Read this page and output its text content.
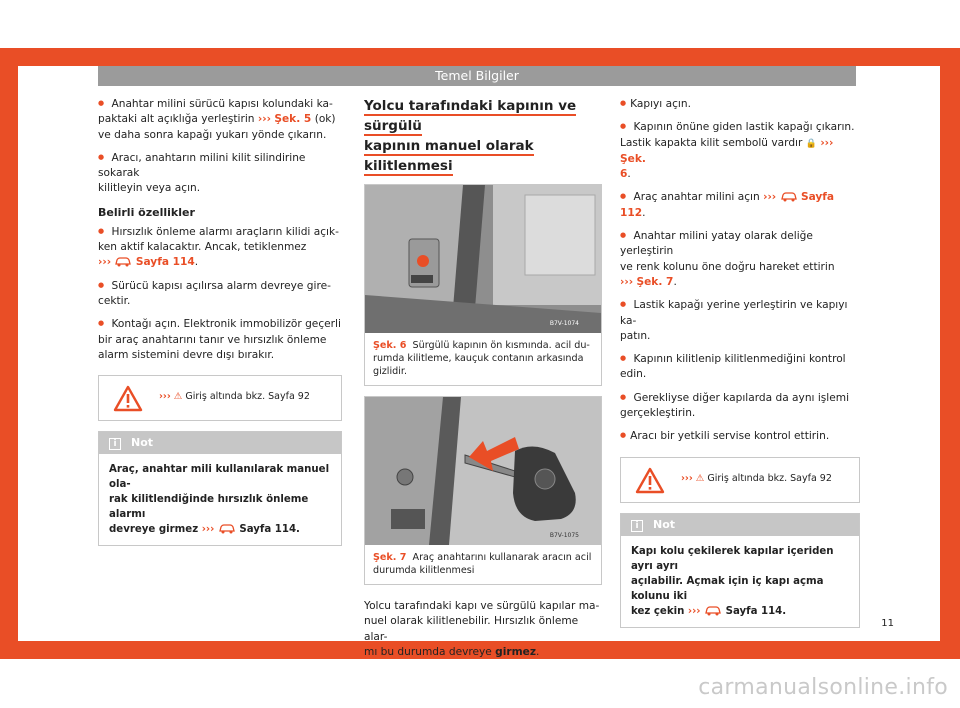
Temel Bilgiler
● Anahtar milini sürücü kapısı kolundaki ka-
paktaki alt açıklığa yerleştirin ››› Şek. 5 (ok)
ve daha sonra kapağı yukarı yönde çıkarın.
● Aracı, anahtarın milini kilit silindirine sokarak
kilitleyin veya açın.
Belirli özellikler
● Hırsızlık önleme alarmı araçların kilidi açık-
ken aktif kalacaktır. Ancak, tetiklenmez
››› Sayfa 114.
● Sürücü kapısı açılırsa alarm devreye gire-
cektir.
● Kontağı açın. Elektronik immobilizör geçerli
bir araç anahtarını tanır ve hırsızlık önleme
alarm sistemini devre dışı bırakır.
››› ⚠ Giriş altında bkz. Sayfa 92
i Not
Araç, anahtar mili kullanılarak manuel ola-
rak kilitlendiğinde hırsızlık önleme alarmı
devreye girmez ››› Sayfa 114.
Yolcu tarafındaki kapının ve sürgülü
kapının manuel olarak kilitlenmesi
B7V-1074
Şek. 6 Sürgülü kapının ön kısmında. acil du-
rumda kilitleme, kauçuk contanın arkasında
gizlidir.
B7V-1075
Şek. 7 Araç anahtarını kullanarak aracın acil
durumda kilitlenmesi
Yolcu tarafındaki kapı ve sürgülü kapılar ma-
nuel olarak kilitlenebilir. Hırsızlık önleme alar-
mı bu durumda devreye girmez.
● Kapıyı açın.
● Kapının önüne giden lastik kapağı çıkarın.
Lastik kapakta kilit sembolü vardır 🔒 ››› Şek.
6.
● Araç anahtar milini açın ››› Sayfa 112.
● Anahtar milini yatay olarak deliğe yerleştirin
ve renk kolunu öne doğru hareket ettirin
››› Şek. 7.
● Lastik kapağı yerine yerleştirin ve kapıyı ka-
patın.
● Kapının kilitlenip kilitlenmediğini kontrol
edin.
● Gerekliyse diğer kapılarda da aynı işlemi
gerçekleştirin.
● Aracı bir yetkili servise kontrol ettirin.
››› ⚠ Giriş altında bkz. Sayfa 92
i Not
Kapı kolu çekilerek kapılar içeriden ayrı ayrı
açılabilir. Açmak için iç kapı açma kolunu iki
kez çekin ››› Sayfa 114.
11
carmanualsonline.info
